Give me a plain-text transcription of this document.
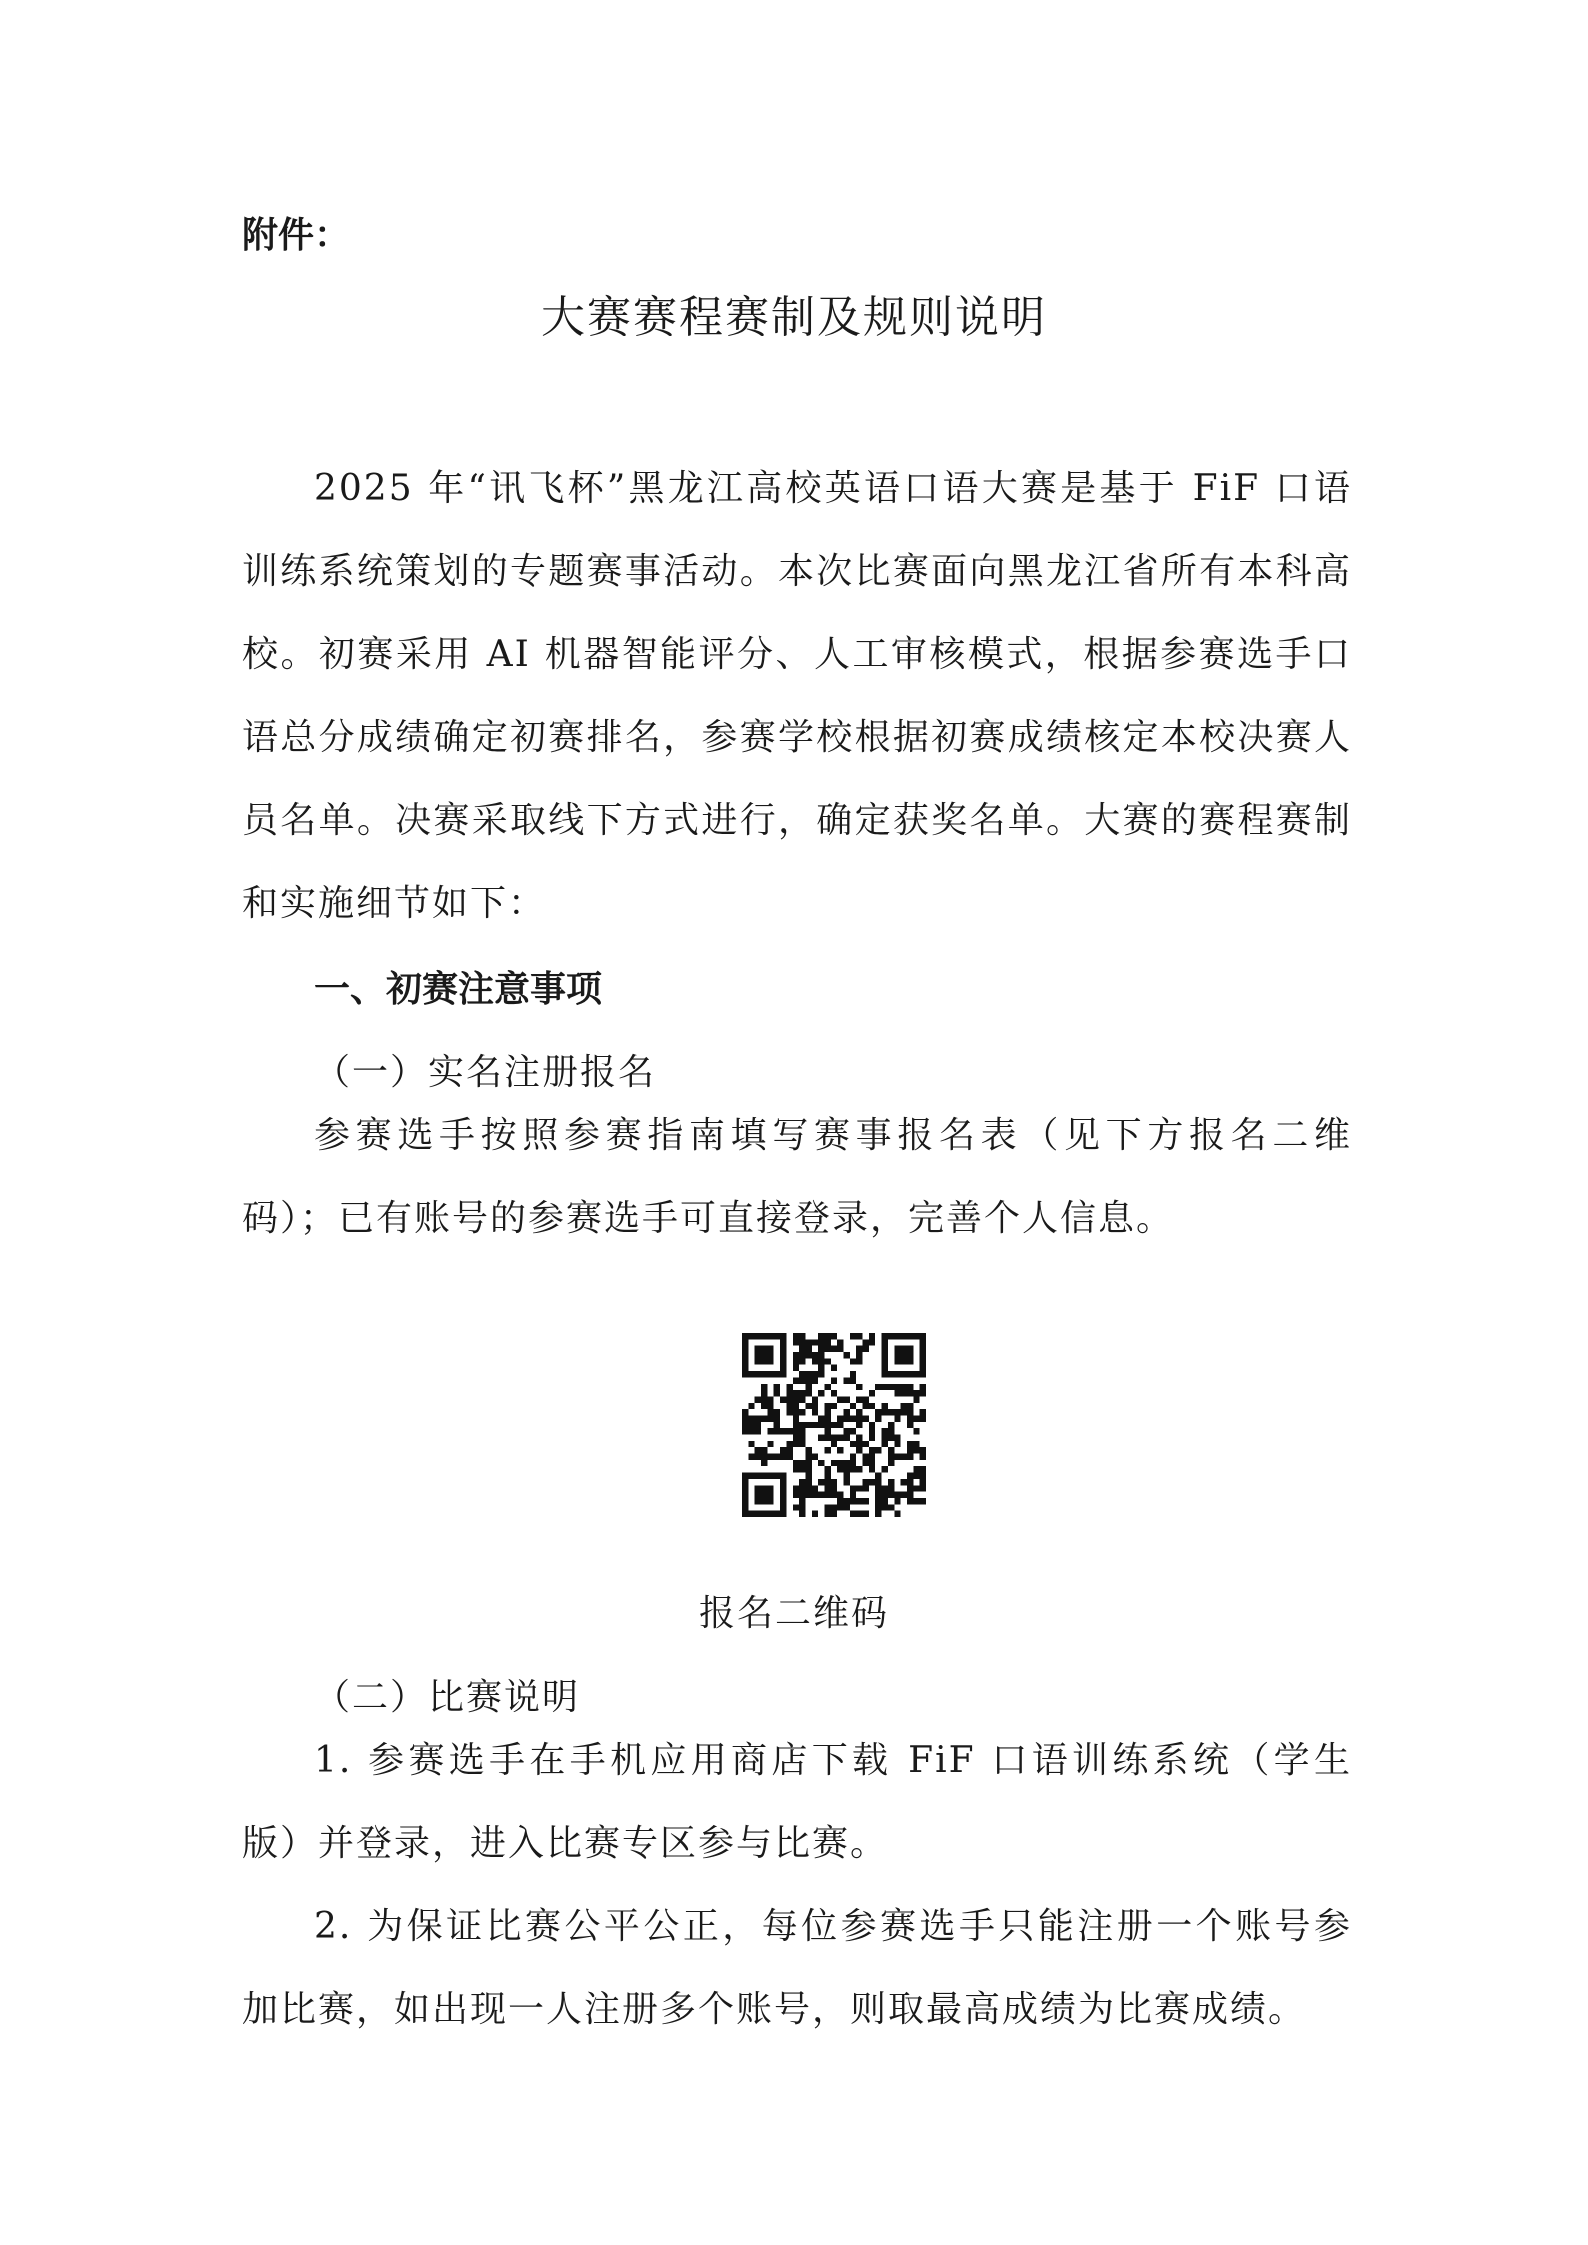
附件：
大赛赛程赛制及规则说明

2025 年“讯飞杯”黑龙江高校英语口语大赛是基于 FiF 口语训练系统策划的专题赛事活动。本次比赛面向黑龙江省所有本科高校。初赛采用 AI 机器智能评分、人工审核模式，根据参赛选手口语总分成绩确定初赛排名，参赛学校根据初赛成绩核定本校决赛人员名单。决赛采取线下方式进行，确定获奖名单。大赛的赛程赛制和实施细节如下：

一、初赛注意事项
（一）实名注册报名

参赛选手按照参赛指南填写赛事报名表（见下方报名二维码）；已有账号的参赛选手可直接登录，完善个人信息。

报名二维码
（二）比赛说明

1. 参赛选手在手机应用商店下载 FiF 口语训练系统（学生版）并登录，进入比赛专区参与比赛。

2. 为保证比赛公平公正，每位参赛选手只能注册一个账号参加比赛，如出现一人注册多个账号，则取最高成绩为比赛成绩。
